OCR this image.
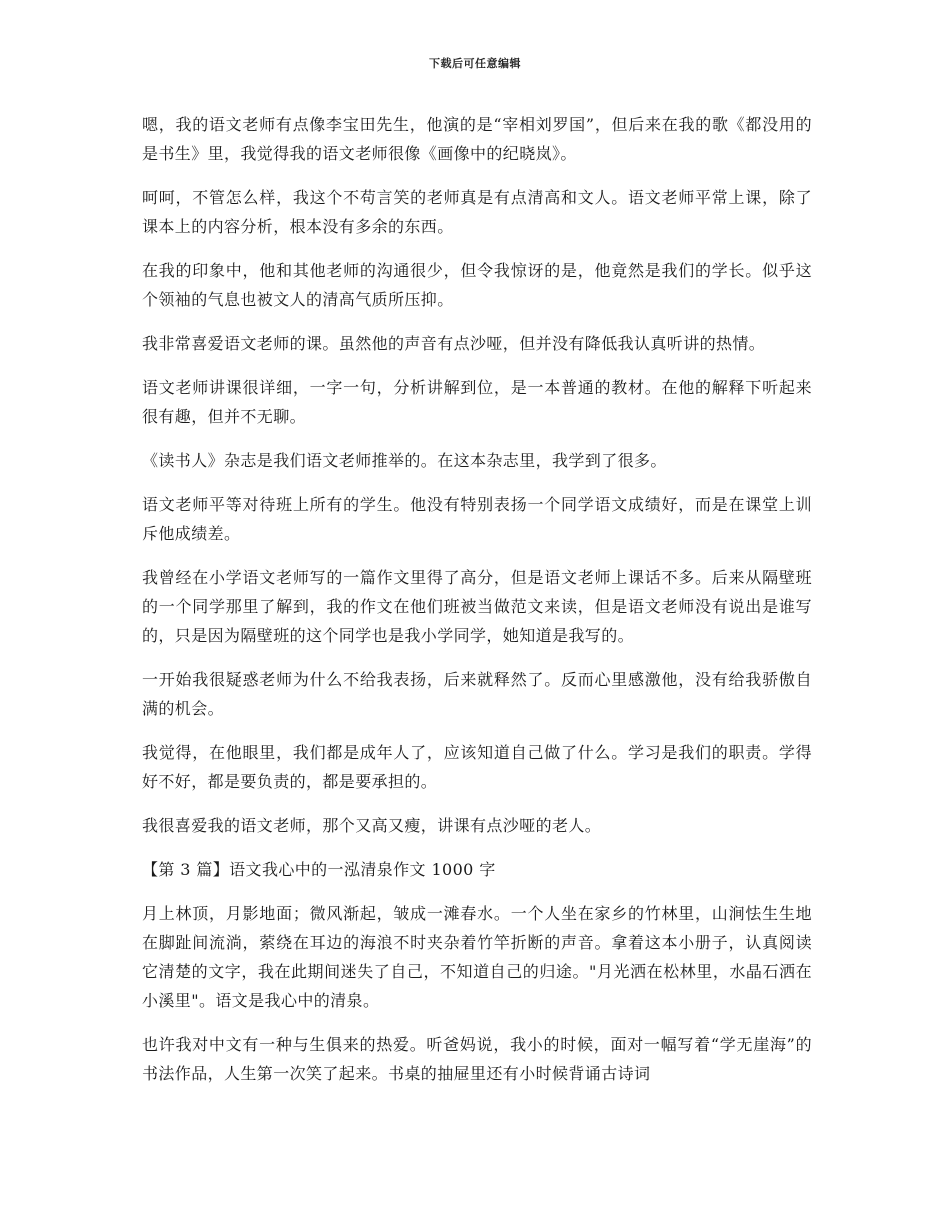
下载后可任意编辑

嗯，我的语文老师有点像李宝田先生，他演的是“宰相刘罗国”，但后来在我的歌《都没用的是书生》里，我觉得我的语文老师很像《画像中的纪晓岚》。

呵呵，不管怎么样，我这个不苟言笑的老师真是有点清高和文人。语文老师平常上课，除了课本上的内容分析，根本没有多余的东西。

在我的印象中，他和其他老师的沟通很少，但令我惊讶的是，他竟然是我们的学长。似乎这个领袖的气息也被文人的清高气质所压抑。

我非常喜爱语文老师的课。虽然他的声音有点沙哑，但并没有降低我认真听讲的热情。

语文老师讲课很详细，一字一句，分析讲解到位，是一本普通的教材。在他的解释下听起来很有趣，但并不无聊。

《读书人》杂志是我们语文老师推举的。在这本杂志里，我学到了很多。

语文老师平等对待班上所有的学生。他没有特别表扬一个同学语文成绩好，而是在课堂上训斥他成绩差。

我曾经在小学语文老师写的一篇作文里得了高分，但是语文老师上课话不多。后来从隔壁班的一个同学那里了解到，我的作文在他们班被当做范文来读，但是语文老师没有说出是谁写的，只是因为隔壁班的这个同学也是我小学同学，她知道是我写的。

一开始我很疑惑老师为什么不给我表扬，后来就释然了。反而心里感激他，没有给我骄傲自满的机会。

我觉得，在他眼里，我们都是成年人了，应该知道自己做了什么。学习是我们的职责。学得好不好，都是要负责的，都是要承担的。

我很喜爱我的语文老师，那个又高又瘦，讲课有点沙哑的老人。

【第 3 篇】语文我心中的一泓清泉作文 1000 字

月上林顶，月影地面；微风渐起，皱成一滩春水。一个人坐在家乡的竹林里，山涧怯生生地在脚趾间流淌，萦绕在耳边的海浪不时夹杂着竹竿折断的声音。拿着这本小册子，认真阅读它清楚的文字，我在此期间迷失了自己，不知道自己的归途。"月光洒在松林里，水晶石洒在小溪里"。语文是我心中的清泉。

也许我对中文有一种与生俱来的热爱。听爸妈说，我小的时候，面对一幅写着“学无崖海”的书法作品，人生第一次笑了起来。书桌的抽屉里还有小时候背诵古诗词
